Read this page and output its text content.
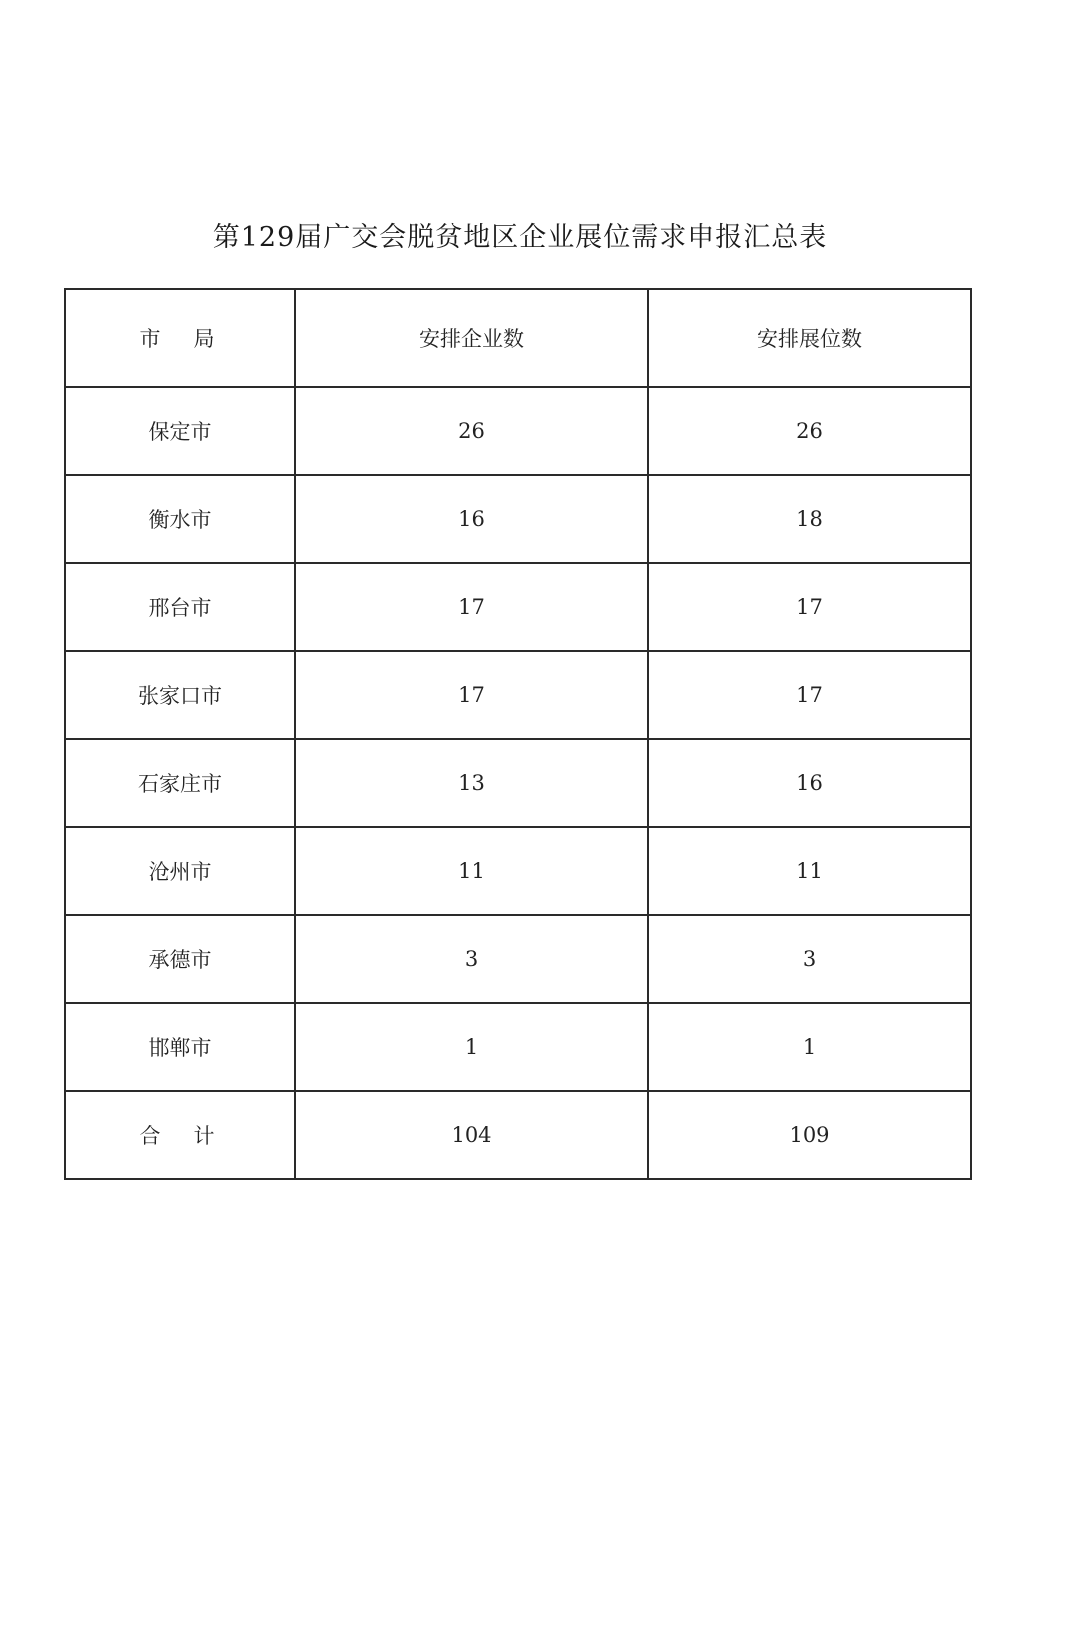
第129届广交会脱贫地区企业展位需求申报汇总表
市　局	安排企业数	安排展位数
保定市	26	26
衡水市	16	18
邢台市	17	17
张家口市	17	17
石家庄市	13	16
沧州市	11	11
承德市	3	3
邯郸市	1	1
合　计	104	109
